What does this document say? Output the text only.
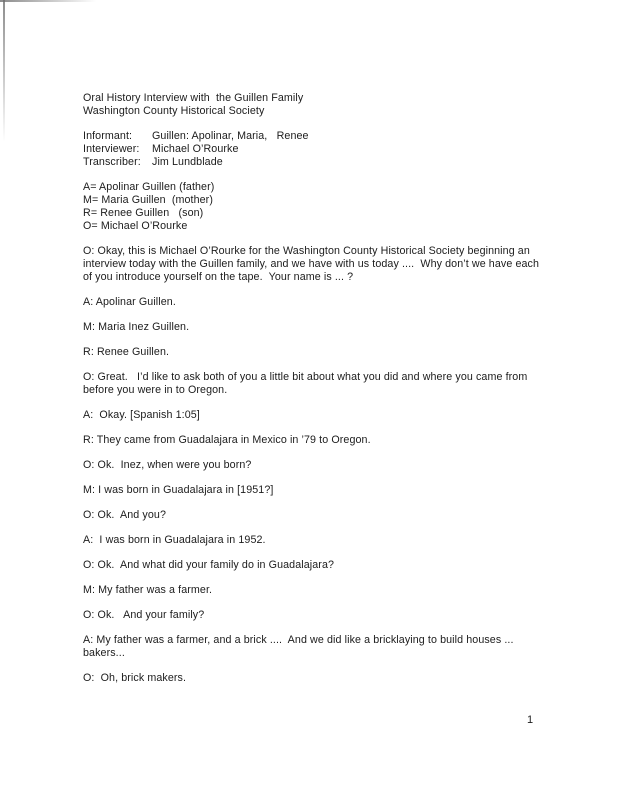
Oral History Interview with  the Guillen Family
Washington County Historical Society
Informant:	Guillen: Apolinar, Maria,   Renee
Interviewer:	Michael O’Rourke
Transcriber:	Jim Lundblade
A= Apolinar Guillen (father)
M= Maria Guillen  (mother)
R= Renee Guillen   (son)
O= Michael O’Rourke
O: Okay, this is Michael O’Rourke for the Washington County Historical Society beginning an
interview today with the Guillen family, and we have with us today ....  Why don’t we have each
of you introduce yourself on the tape.  Your name is ... ?
A: Apolinar Guillen.
M: Maria Inez Guillen.
R: Renee Guillen.
O: Great.   I’d like to ask both of you a little bit about what you did and where you came from
before you were in to Oregon.
A:  Okay. [Spanish 1:05]
R: They came from Guadalajara in Mexico in ’79 to Oregon.
O: Ok.  Inez, when were you born?
M: I was born in Guadalajara in [1951?]
O: Ok.  And you?
A:  I was born in Guadalajara in 1952.
O: Ok.  And what did your family do in Guadalajara?
M: My father was a farmer.
O: Ok.   And your family?
A: My father was a farmer, and a brick ....  And we did like a bricklaying to build houses ...
bakers...
O:  Oh, brick makers.
1
